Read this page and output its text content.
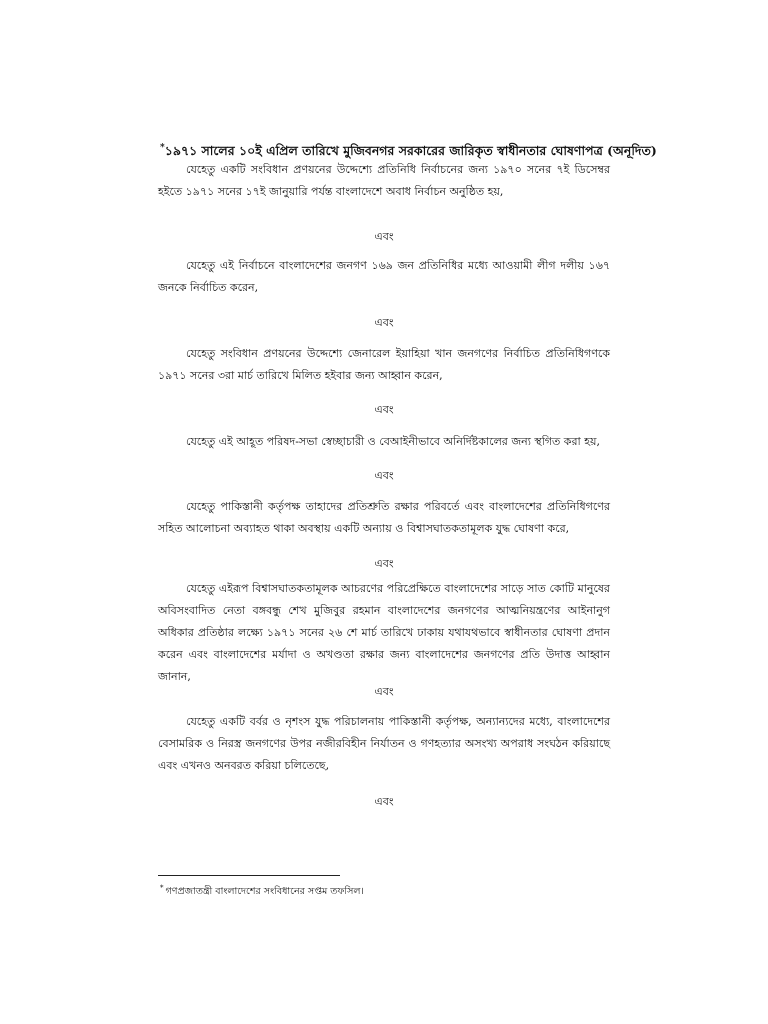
*১৯৭১ সালের ১০ই এপ্রিল তারিখে মুজিবনগর সরকারের জারিকৃত স্বাধীনতার ঘোষণাপত্র (অনূদিত)

যেহেতু একটি সংবিধান প্রণয়নের উদ্দেশ্যে প্রতিনিধি নির্বাচনের জন্য ১৯৭০ সনের ৭ই ডিসেম্বর হইতে ১৯৭১ সনের ১৭ই জানুয়ারি পর্যন্ত বাংলাদেশে অবাধ নির্বাচন অনুষ্ঠিত হয়,

এবং

যেহেতু এই নির্বাচনে বাংলাদেশের জনগণ ১৬৯ জন প্রতিনিধির মধ্যে আওয়ামী লীগ দলীয় ১৬৭ জনকে নির্বাচিত করেন,

এবং

যেহেতু সংবিধান প্রণয়নের উদ্দেশ্যে জেনারেল ইয়াহিয়া খান জনগণের নির্বাচিত প্রতিনিধিগণকে ১৯৭১ সনের ৩রা মার্চ তারিখে মিলিত হইবার জন্য আহ্বান করেন,

এবং

যেহেতু এই আহূত পরিষদ-সভা স্বেচ্ছাচারী ও বেআইনীভাবে অনির্দিষ্টকালের জন্য স্থগিত করা হয়,

এবং

যেহেতু পাকিস্তানী কর্তৃপক্ষ তাহাদের প্রতিশ্রুতি রক্ষার পরিবর্তে এবং বাংলাদেশের প্রতিনিধিগণের সহিত আলোচনা অব্যাহত থাকা অবস্থায় একটি অন্যায় ও বিশ্বাসঘাতকতামূলক যুদ্ধ ঘোষণা করে,

এবং

যেহেতু এইরূপ বিশ্বাসঘাতকতামূলক আচরণের পরিপ্রেক্ষিতে বাংলাদেশের সাড়ে সাত কোটি মানুষের অবিসংবাদিত নেতা বঙ্গবন্ধু শেখ মুজিবুর রহমান বাংলাদেশের জনগণের আত্মনিয়ন্ত্রণের আইনানুগ অধিকার প্রতিষ্ঠার লক্ষ্যে ১৯৭১ সনের ২৬ শে মার্চ তারিখে ঢাকায় যথাযথভাবে স্বাধীনতার ঘোষণা প্রদান করেন এবং বাংলাদেশের মর্যাদা ও অখণ্ডতা রক্ষার জন্য বাংলাদেশের জনগণের প্রতি উদাত্ত আহ্বান জানান,

এবং

যেহেতু একটি বর্বর ও নৃশংস যুদ্ধ পরিচালনায় পাকিস্তানী কর্তৃপক্ষ, অন্যান্যদের মধ্যে, বাংলাদেশের বেসামরিক ও নিরস্ত্র জনগণের উপর নজীরবিহীন নির্যাতন ও গণহত্যার অসংখ্য অপরাধ সংঘঠন করিয়াছে এবং এখনও অনবরত করিয়া চলিতেছে,

এবং
* গণপ্রজাতন্ত্রী বাংলাদেশের সংবিধানের সপ্তম তফসিল।
